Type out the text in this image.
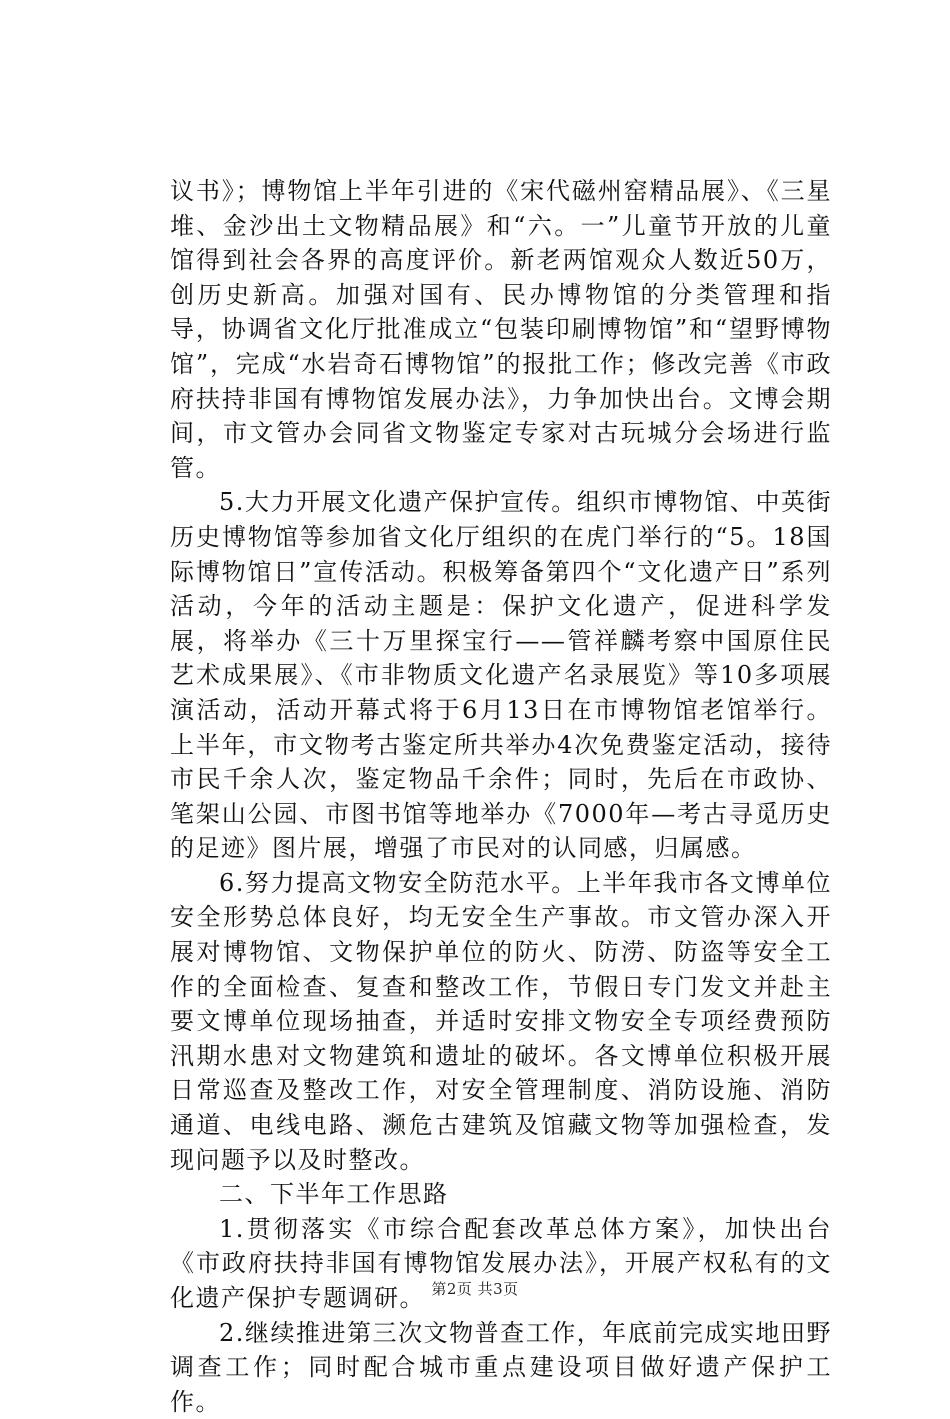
议书》；博物馆上半年引进的《宋代磁州窑精品展》、《三星堆、金沙出土文物精品展》和“六。一”儿童节开放的儿童馆得到社会各界的高度评价。新老两馆观众人数近50万，创历史新高。加强对国有、民办博物馆的分类管理和指导，协调省文化厅批准成立“包装印刷博物馆”和“望野博物馆”，完成“水岩奇石博物馆”的报批工作；修改完善《市政府扶持非国有博物馆发展办法》，力争加快出台。文博会期间，市文管办会同省文物鉴定专家对古玩城分会场进行监管。

5.大力开展文化遗产保护宣传。组织市博物馆、中英街历史博物馆等参加省文化厅组织的在虎门举行的“5。18国际博物馆日”宣传活动。积极筹备第四个“文化遗产日”系列活动，今年的活动主题是：保护文化遗产，促进科学发展，将举办《三十万里探宝行——管祥麟考察中国原住民艺术成果展》、《市非物质文化遗产名录展览》等10多项展演活动，活动开幕式将于6月13日在市博物馆老馆举行。上半年，市文物考古鉴定所共举办4次免费鉴定活动，接待市民千余人次，鉴定物品千余件；同时，先后在市政协、笔架山公园、市图书馆等地举办《7000年—考古寻觅历史的足迹》图片展，增强了市民对的认同感，归属感。

6.努力提高文物安全防范水平。上半年我市各文博单位安全形势总体良好，均无安全生产事故。市文管办深入开展对博物馆、文物保护单位的防火、防涝、防盗等安全工作的全面检查、复查和整改工作，节假日专门发文并赴主要文博单位现场抽查，并适时安排文物安全专项经费预防汛期水患对文物建筑和遗址的破坏。各文博单位积极开展日常巡查及整改工作，对安全管理制度、消防设施、消防通道、电线电路、濒危古建筑及馆藏文物等加强检查，发现问题予以及时整改。

二、下半年工作思路

1.贯彻落实《市综合配套改革总体方案》，加快出台《市政府扶持非国有博物馆发展办法》，开展产权私有的文化遗产保护专题调研。

2.继续推进第三次文物普查工作，年底前完成实地田野调查工作；同时配合城市重点建设项目做好遗产保护工作。

第2页 共3页
